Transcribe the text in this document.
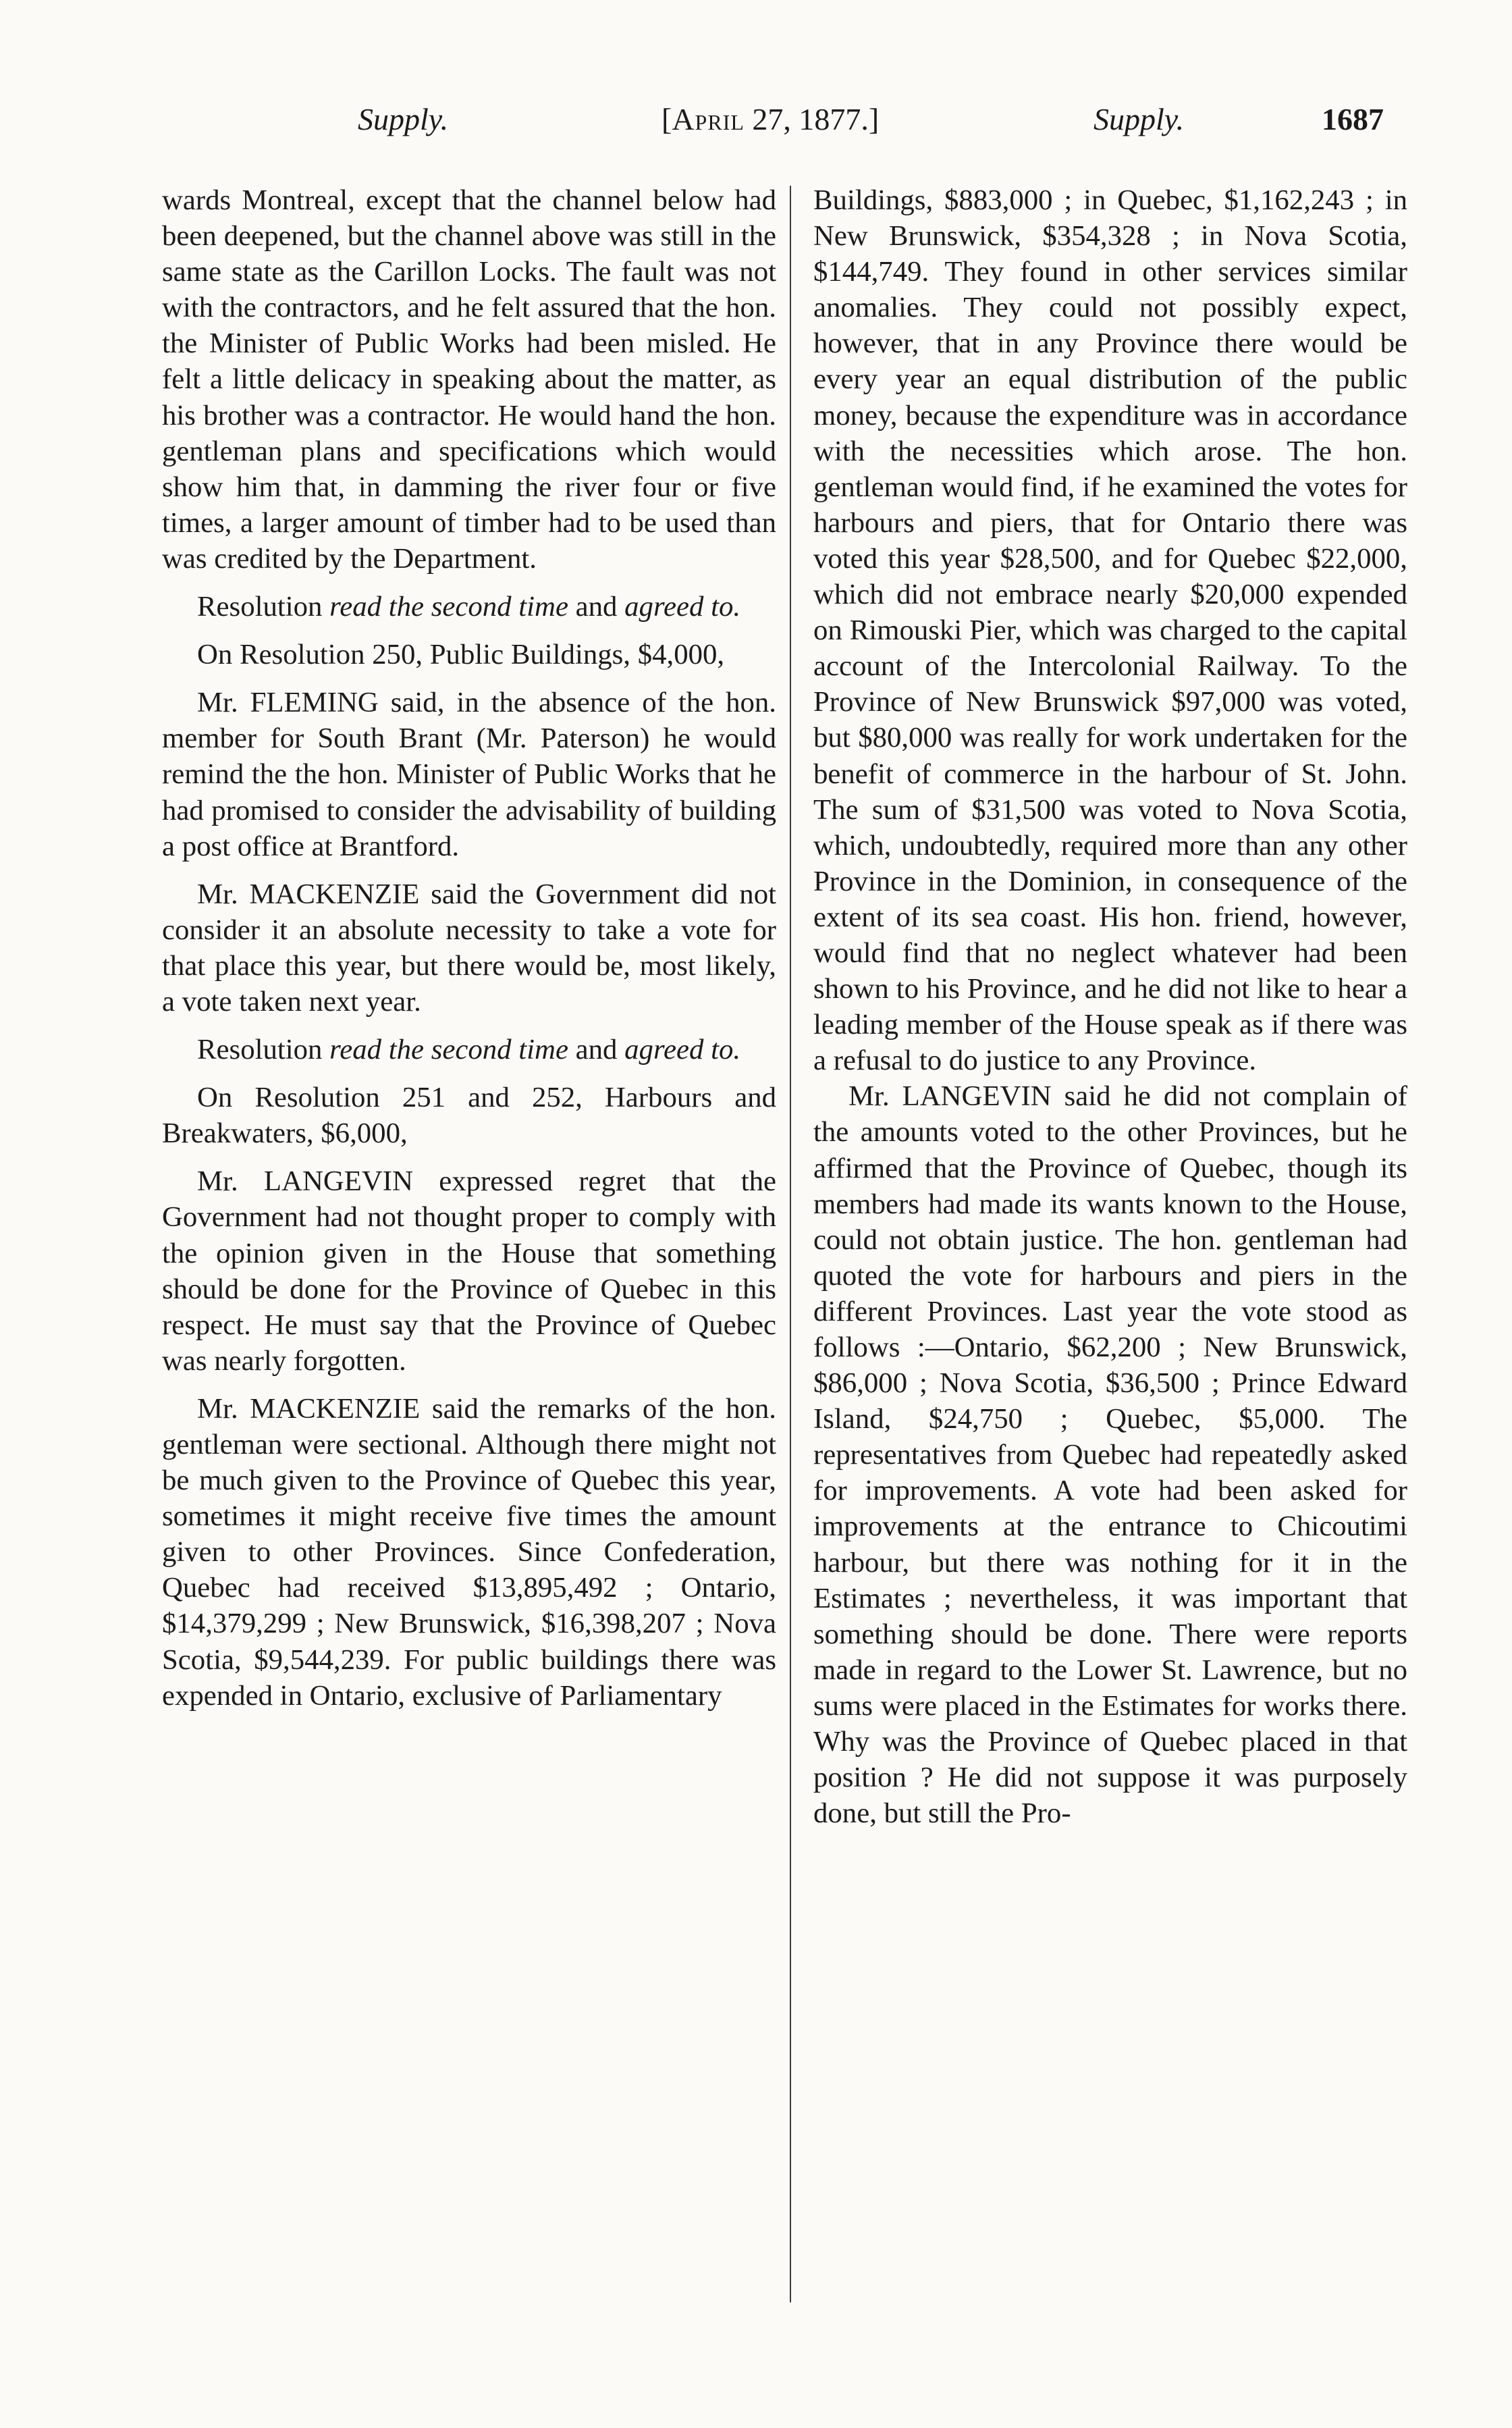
Supply.	[April 27, 1877.]	Supply.	1687

wards Montreal, except that the channel below had been deepened, but the channel above was still in the same state as the Carillon Locks. The fault was not with the contractors, and he felt assured that the hon. the Minister of Public Works had been misled. He felt a little delicacy in speaking about the matter, as his brother was a contractor. He would hand the hon. gentleman plans and specifications which would show him that, in damming the river four or five times, a larger amount of timber had to be used than was credited by the Department.

Resolution read the second time and agreed to.

On Resolution 250, Public Buildings, $4,000,

Mr. FLEMING said, in the absence of the hon. member for South Brant (Mr. Paterson) he would remind the the hon. Minister of Public Works that he had promised to consider the advisability of building a post office at Brantford.

Mr. MACKENZIE said the Government did not consider it an absolute necessity to take a vote for that place this year, but there would be, most likely, a vote taken next year.

Resolution read the second time and agreed to.

On Resolution 251 and 252, Harbours and Breakwaters, $6,000,

Mr. LANGEVIN expressed regret that the Government had not thought proper to comply with the opinion given in the House that something should be done for the Province of Quebec in this respect. He must say that the Province of Quebec was nearly forgotten.

Mr. MACKENZIE said the remarks of the hon. gentleman were sectional. Although there might not be much given to the Province of Quebec this year, sometimes it might receive five times the amount given to other Provinces. Since Confederation, Quebec had received $13,895,492 ; Ontario, $14,379,299 ; New Brunswick, $16,398,207 ; Nova Scotia, $9,544,239. For public buildings there was expended in Ontario, exclusive of Parliamentary

Buildings, $883,000 ; in Quebec, $1,162,243 ; in New Brunswick, $354,328 ; in Nova Scotia, $144,749. They found in other services similar anomalies. They could not possibly expect, however, that in any Province there would be every year an equal distribution of the public money, because the expenditure was in accordance with the necessities which arose. The hon. gentleman would find, if he examined the votes for harbours and piers, that for Ontario there was voted this year $28,500, and for Quebec $22,000, which did not embrace nearly $20,000 expended on Rimouski Pier, which was charged to the capital account of the Intercolonial Railway. To the Province of New Brunswick $97,000 was voted, but $80,000 was really for work undertaken for the benefit of commerce in the harbour of St. John. The sum of $31,500 was voted to Nova Scotia, which, undoubtedly, required more than any other Province in the Dominion, in consequence of the extent of its sea coast. His hon. friend, however, would find that no neglect whatever had been shown to his Province, and he did not like to hear a leading member of the House speak as if there was a refusal to do justice to any Province.

Mr. LANGEVIN said he did not complain of the amounts voted to the other Provinces, but he affirmed that the Province of Quebec, though its members had made its wants known to the House, could not obtain justice. The hon. gentleman had quoted the vote for harbours and piers in the different Provinces. Last year the vote stood as follows :—Ontario, $62,200 ; New Brunswick, $86,000 ; Nova Scotia, $36,500 ; Prince Edward Island, $24,750 ; Quebec, $5,000. The representatives from Quebec had repeatedly asked for improvements. A vote had been asked for improvements at the entrance to Chicoutimi harbour, but there was nothing for it in the Estimates ; nevertheless, it was important that something should be done. There were reports made in regard to the Lower St. Lawrence, but no sums were placed in the Estimates for works there. Why was the Province of Quebec placed in that position ? He did not suppose it was purposely done, but still the Pro-
